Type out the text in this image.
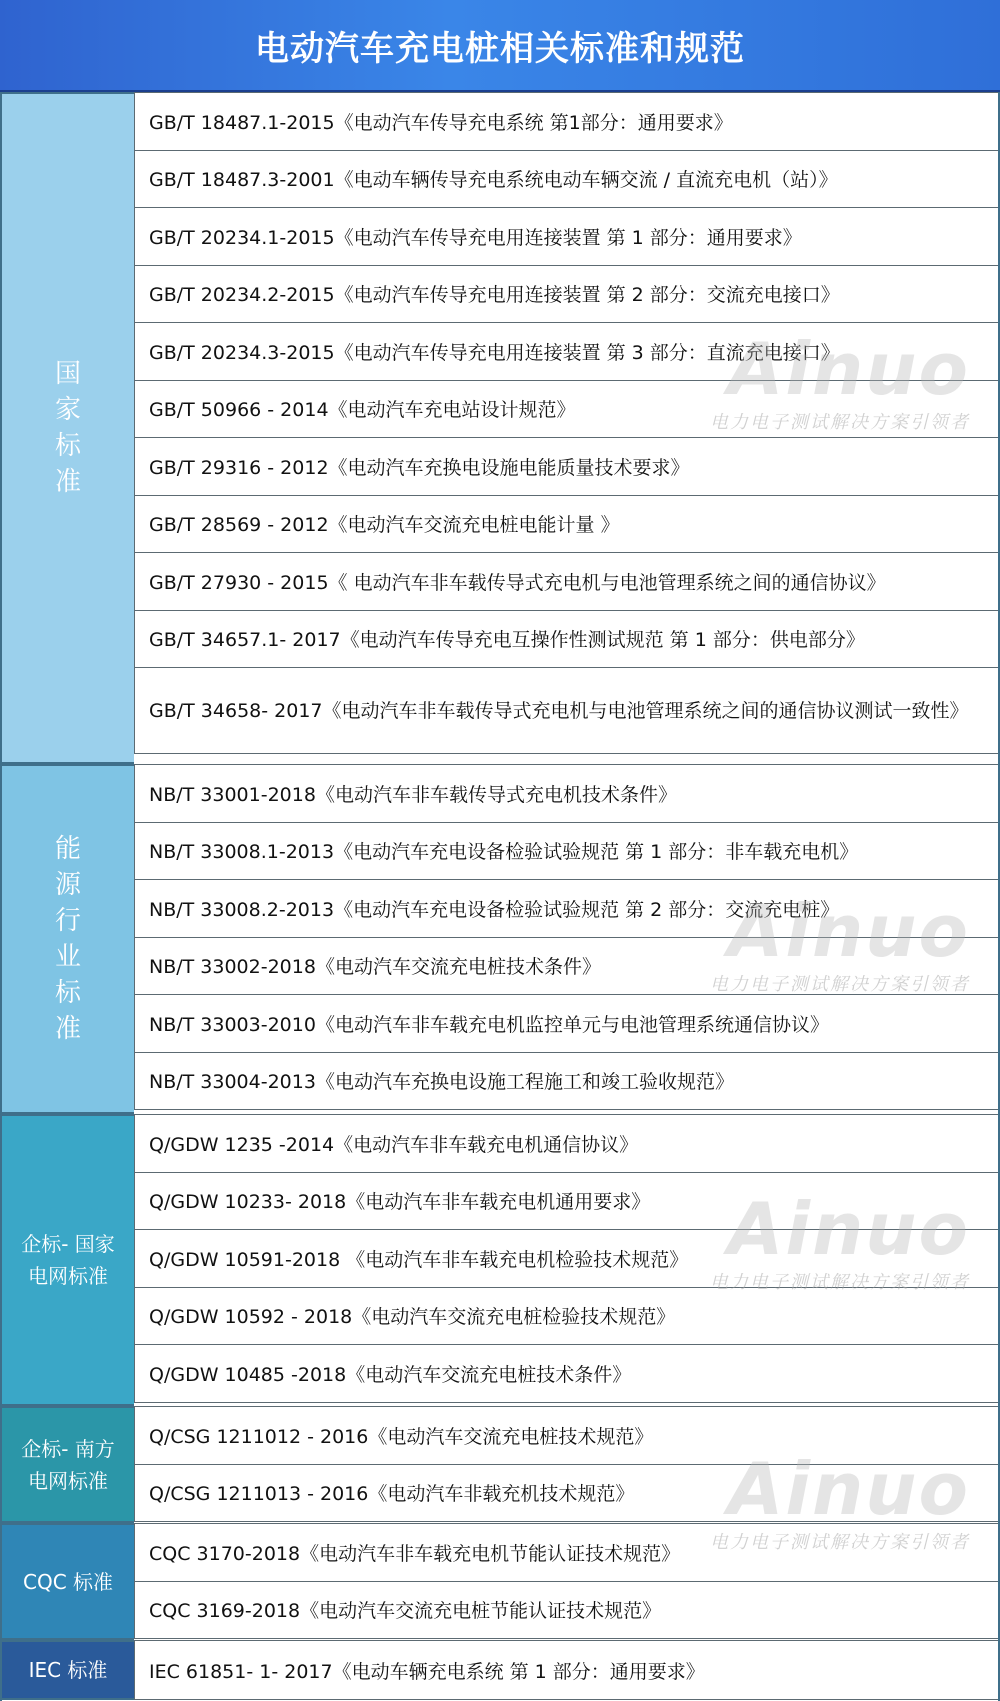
电动汽车充电桩相关标准和规范
国家标准
GB/T 18487.1-2015《电动汽车传导充电系统 第1部分：通用要求》
GB/T 18487.3-2001《电动车辆传导充电系统电动车辆交流 / 直流充电机（站）》
GB/T 20234.1-2015《电动汽车传导充电用连接装置 第 1 部分：通用要求》
GB/T 20234.2-2015《电动汽车传导充电用连接装置 第 2 部分：交流充电接口》
GB/T 20234.3-2015《电动汽车传导充电用连接装置 第 3 部分：直流充电接口》
GB/T 50966 - 2014《电动汽车充电站设计规范》
GB/T 29316 - 2012《电动汽车充换电设施电能质量技术要求》
GB/T 28569 - 2012《电动汽车交流充电桩电能计量 》
GB/T 27930 - 2015《 电动汽车非车载传导式充电机与电池管理系统之间的通信协议》
GB/T 34657.1- 2017《电动汽车传导充电互操作性测试规范 第 1 部分：供电部分》
GB/T 34658- 2017《电动汽车非车载传导式充电机与电池管理系统之间的通信协议测试一致性》
能源行业标准
NB/T 33001-2018《电动汽车非车载传导式充电机技术条件》
NB/T 33008.1-2013《电动汽车充电设备检验试验规范 第 1 部分：非车载充电机》
NB/T 33008.2-2013《电动汽车充电设备检验试验规范 第 2 部分：交流充电桩》
NB/T 33002-2018《电动汽车交流充电桩技术条件》
NB/T 33003-2010《电动汽车非车载充电机监控单元与电池管理系统通信协议》
NB/T 33004-2013《电动汽车充换电设施工程施工和竣工验收规范》
企标- 国家电网标准
Q/GDW 1235 -2014《电动汽车非车载充电机通信协议》
Q/GDW 10233- 2018《电动汽车非车载充电机通用要求》
Q/GDW 10591-2018 《电动汽车非车载充电机检验技术规范》
Q/GDW 10592 - 2018《电动汽车交流充电桩检验技术规范》
Q/GDW 10485 -2018《电动汽车交流充电桩技术条件》
企标- 南方电网标准
Q/CSG 1211012 - 2016《电动汽车交流充电桩技术规范》
Q/CSG 1211013 - 2016《电动汽车非载充机技术规范》
CQC 标准
CQC 3170-2018《电动汽车非车载充电机节能认证技术规范》
CQC 3169-2018《电动汽车交流充电桩节能认证技术规范》
IEC 标准	IEC 61851- 1- 2017《电动车辆充电系统 第 1 部分：通用要求》
Ainuo
电力电子测试解决方案引领者
Ainuo
电力电子测试解决方案引领者
Ainuo
电力电子测试解决方案引领者
Ainuo
电力电子测试解决方案引领者
